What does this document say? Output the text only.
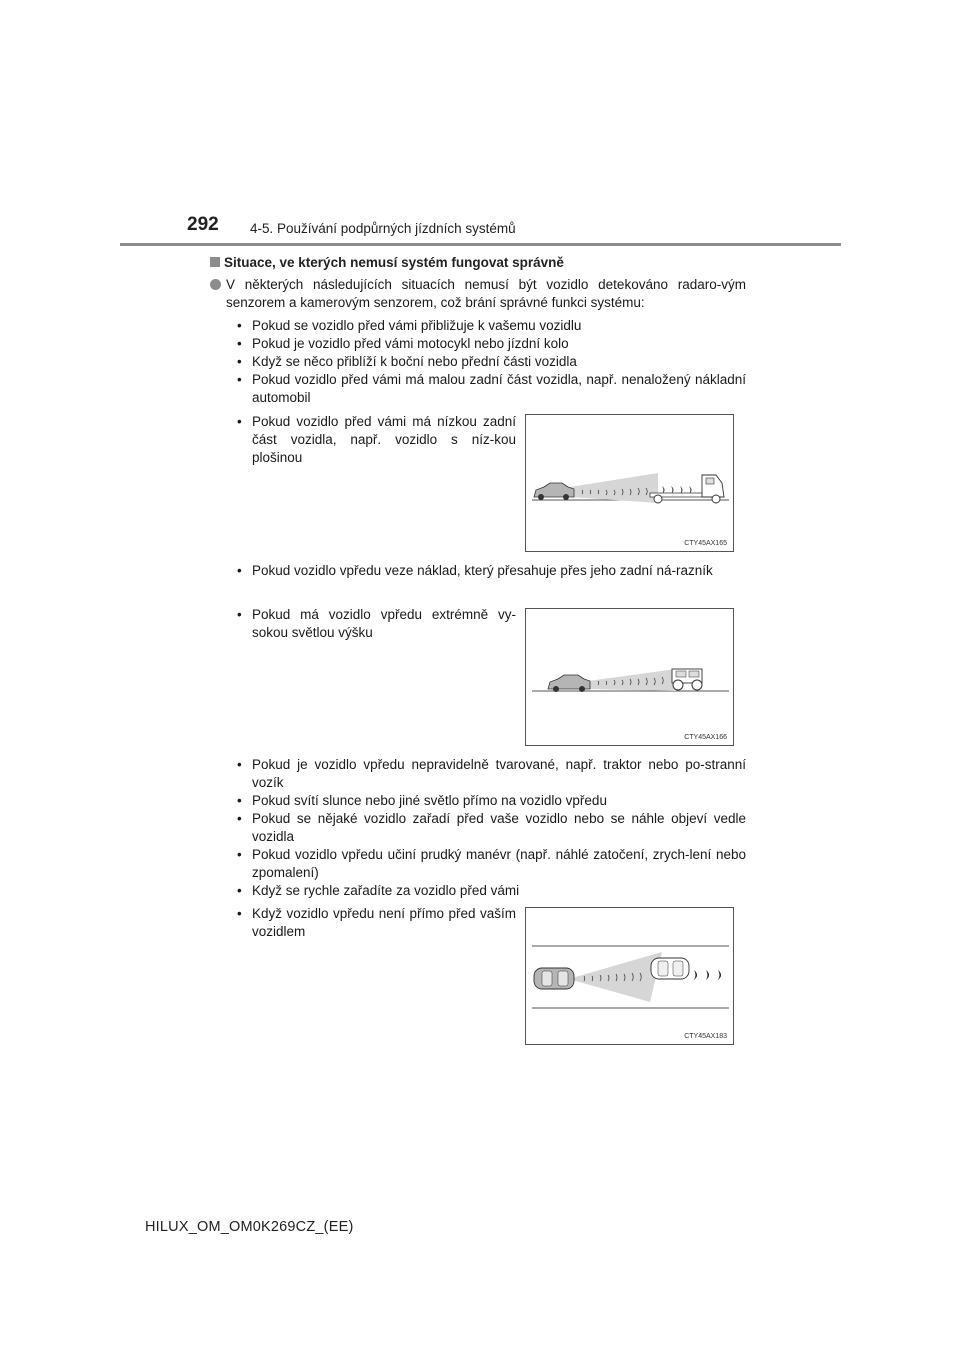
292 4-5. Používání podpůrných jízdních systémů
Situace, ve kterých nemusí systém fungovat správně
V některých následujících situacích nemusí být vozidlo detekováno radaro-vým senzorem a kamerovým senzorem, což brání správné funkci systému:
• Pokud se vozidlo před vámi přibližuje k vašemu vozidlu
• Pokud je vozidlo před vámi motocykl nebo jízdní kolo
• Když se něco přiblíží k boční nebo přední části vozidla
• Pokud vozidlo před vámi má malou zadní část vozidla, např. nenaložený nákladní automobil
• Pokud vozidlo před vámi má nízkou zadní část vozidla, např. vozidlo s níz-kou plošinou
CTY45AX165
• Pokud vozidlo vpředu veze náklad, který přesahuje přes jeho zadní ná-razník
• Pokud má vozidlo vpředu extrémně vy-sokou světlou výšku
CTY45AX166
• Pokud je vozidlo vpředu nepravidelně tvarované, např. traktor nebo po-stranní vozík
• Pokud svítí slunce nebo jiné světlo přímo na vozidlo vpředu
• Pokud se nějaké vozidlo zařadí před vaše vozidlo nebo se náhle objeví vedle vozidla
• Pokud vozidlo vpředu učiní prudký manévr (např. náhlé zatočení, zrych-lení nebo zpomalení)
• Když se rychle zařadíte za vozidlo před vámi
• Když vozidlo vpředu není přímo před vaším vozidlem
CTY45AX183
HILUX_OM_OM0K269CZ_(EE)
